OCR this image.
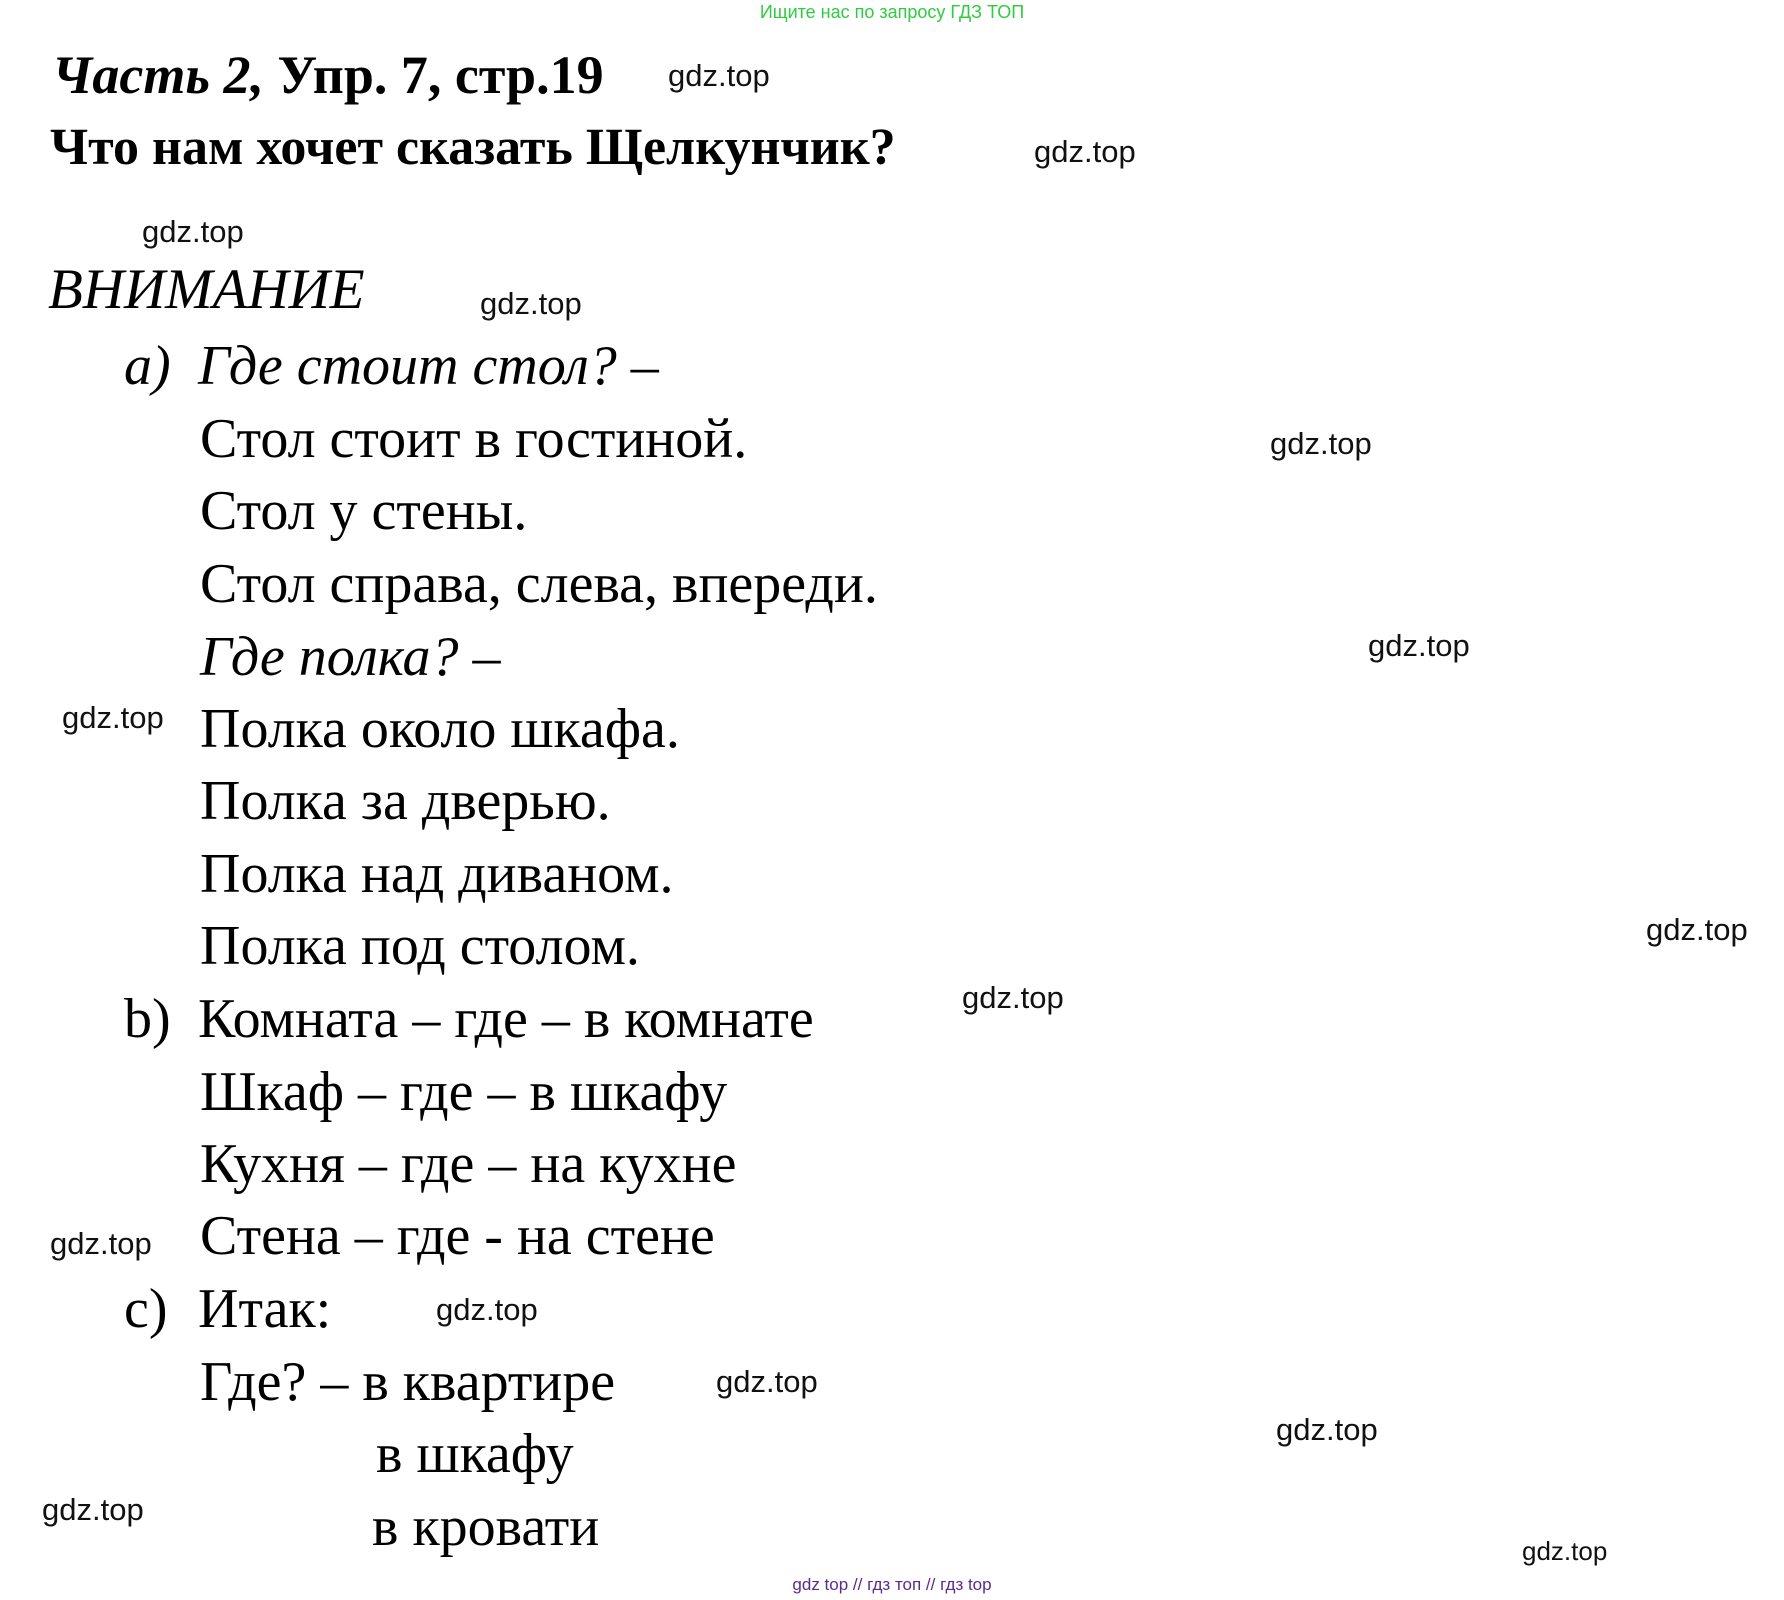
Ищите нас по запросу ГДЗ ТОП
Часть 2, Упр. 7, стр.19
Что нам хочет сказать Щелкунчик?
ВНИМАНИЕ
a) Где стоит стол? –
Стол стоит в гостиной.
Стол у стены.
Стол справа, слева, впереди.
Где полка? –
Полка около шкафа.
Полка за дверью.
Полка над диваном.
Полка под столом.
b) Комната – где – в комнате
Шкаф – где – в шкафу
Кухня – где – на кухне
Стена – где - на стене
c) Итак:
Где? – в квартире
в шкафу
в кровати
gdz.top
gdz.top
gdz.top
gdz.top
gdz.top
gdz.top
gdz.top
gdz.top
gdz.top
gdz.top
gdz.top
gdz.top
gdz.top
gdz.top
gdz.top
gdz top // гдз топ // гдз top
